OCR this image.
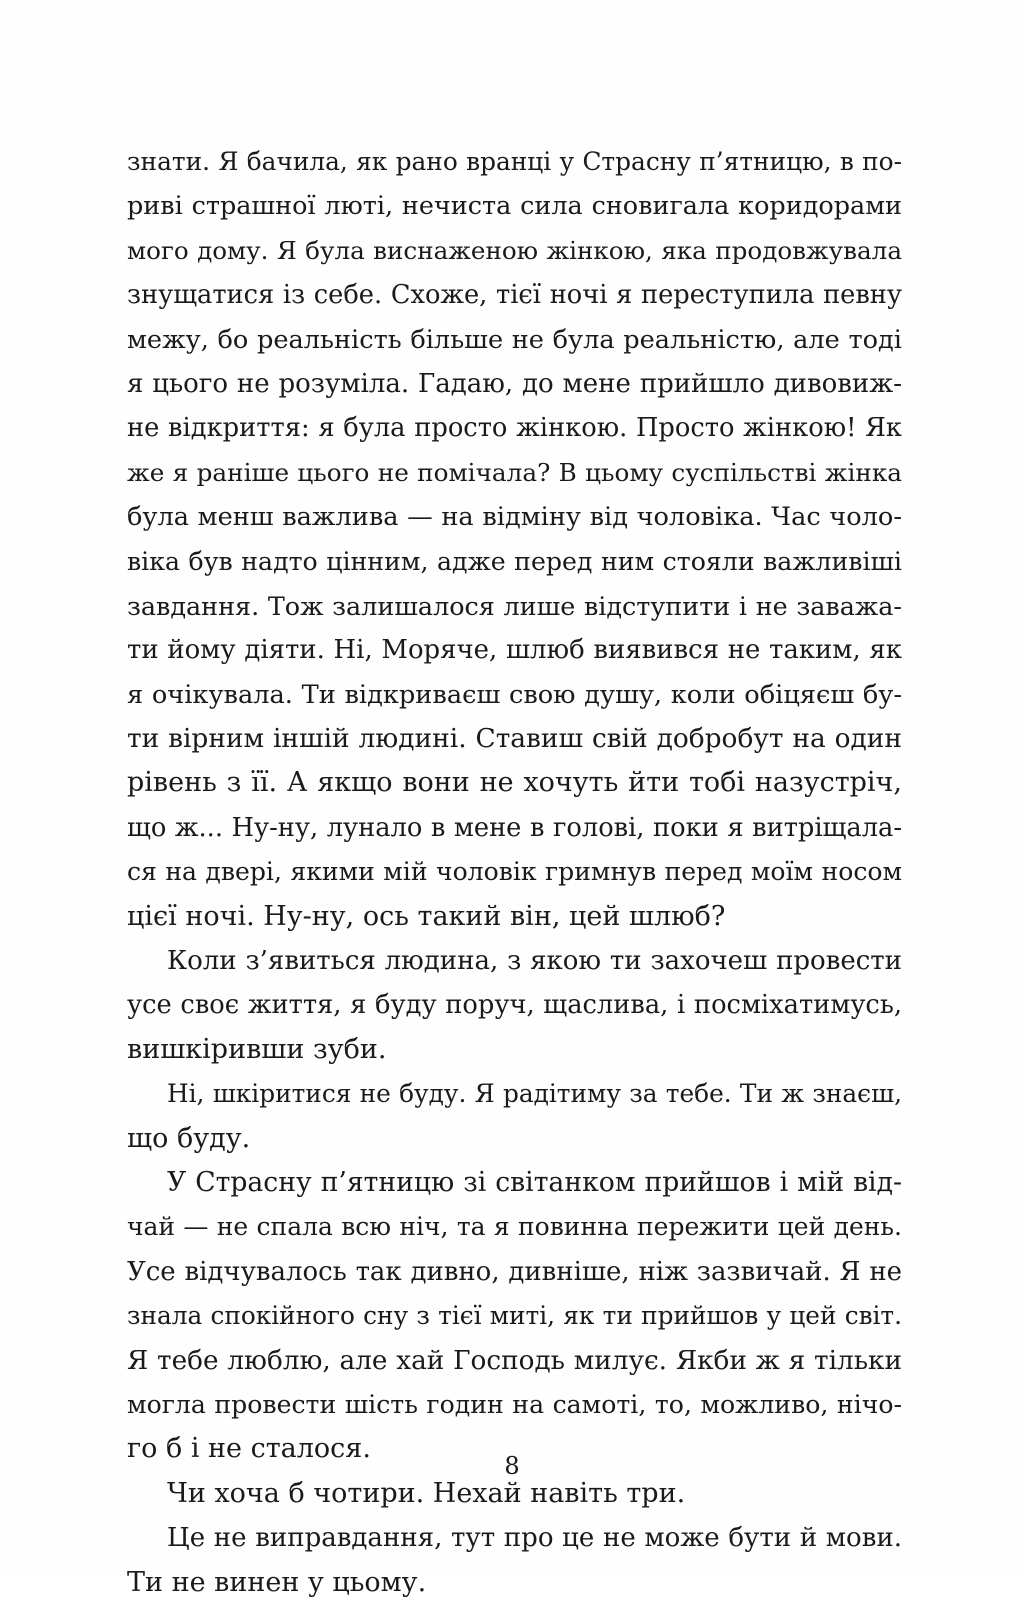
знати. Я бачила, як рано вранці у Страсну п’ятницю, в по-
риві страшної люті, нечиста сила сновигала коридорами
мого дому. Я була виснаженою жінкою, яка продовжувала
знущатися із себе. Схоже, тієї ночі я переступила певну
межу, бо реальність більше не була реальністю, але тоді
я цього не розуміла. Гадаю, до мене прийшло дивовиж-
не відкриття: я була просто жінкою. Просто жінкою! Як
же я раніше цього не помічала? В цьому суспільстві жінка
була менш важлива — на відміну від чоловіка. Час чоло-
віка був надто цінним, адже перед ним стояли важливіші
завдання. Тож залишалося лише відступити і не заважа-
ти йому діяти. Ні, Моряче, шлюб виявився не таким, як
я очікувала. Ти відкриваєш свою душу, коли обіцяєш бу-
ти вірним іншій людині. Ставиш свій добробут на один
рівень з її. А якщо вони не хочуть йти тобі назустріч,
що ж... Ну-ну, лунало в мене в голові, поки я витріщала-
ся на двері, якими мій чоловік гримнув перед моїм носом
цієї ночі. Ну-ну, ось такий він, цей шлюб?
Коли з’явиться людина, з якою ти захочеш провести
усе своє життя, я буду поруч, щаслива, і посміхатимусь,
вишкіривши зуби.
Ні, шкіритися не буду. Я радітиму за тебе. Ти ж знаєш,
що буду.
У Страсну п’ятницю зі світанком прийшов і мій від-
чай — не спала всю ніч, та я повинна пережити цей день.
Усе відчувалось так дивно, дивніше, ніж зазвичай. Я не
знала спокійного сну з тієї миті, як ти прийшов у цей світ.
Я тебе люблю, але хай Господь милує. Якби ж я тільки
могла провести шість годин на самоті, то, можливо, нічо-
го б і не сталося.
Чи хоча б чотири. Нехай навіть три.
Це не виправдання, тут про це не може бути й мови.
Ти не винен у цьому.
8
